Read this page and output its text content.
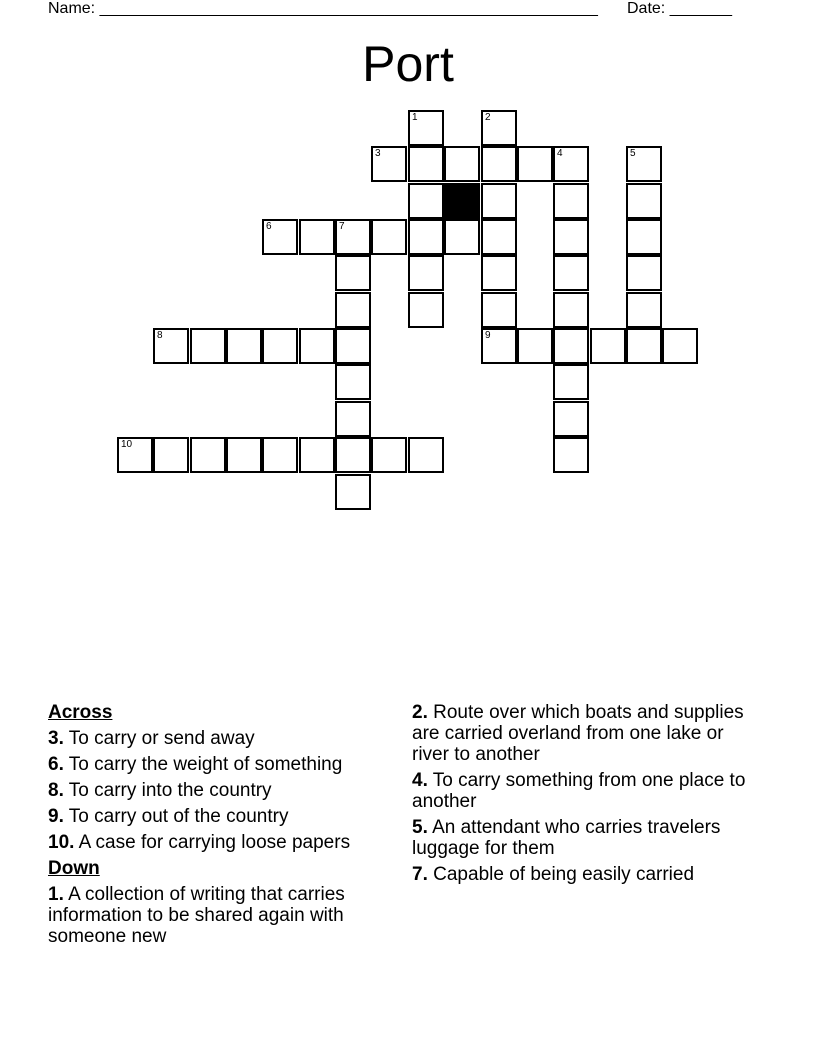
Name: ________________________________________________________ Date: _______
Port
3	4
6	7
8	9
10
1	2
5
Across
3. To carry or send away
6. To carry the weight of something
8. To carry into the country
9. To carry out of the country
10. A case for carrying loose papers
Down
1. A collection of writing that carries information to be shared again with someone new
2. Route over which boats and supplies are carried overland from one lake or river to another
4. To carry something from one place to another
5. An attendant who carries travelers luggage for them
7. Capable of being easily carried
